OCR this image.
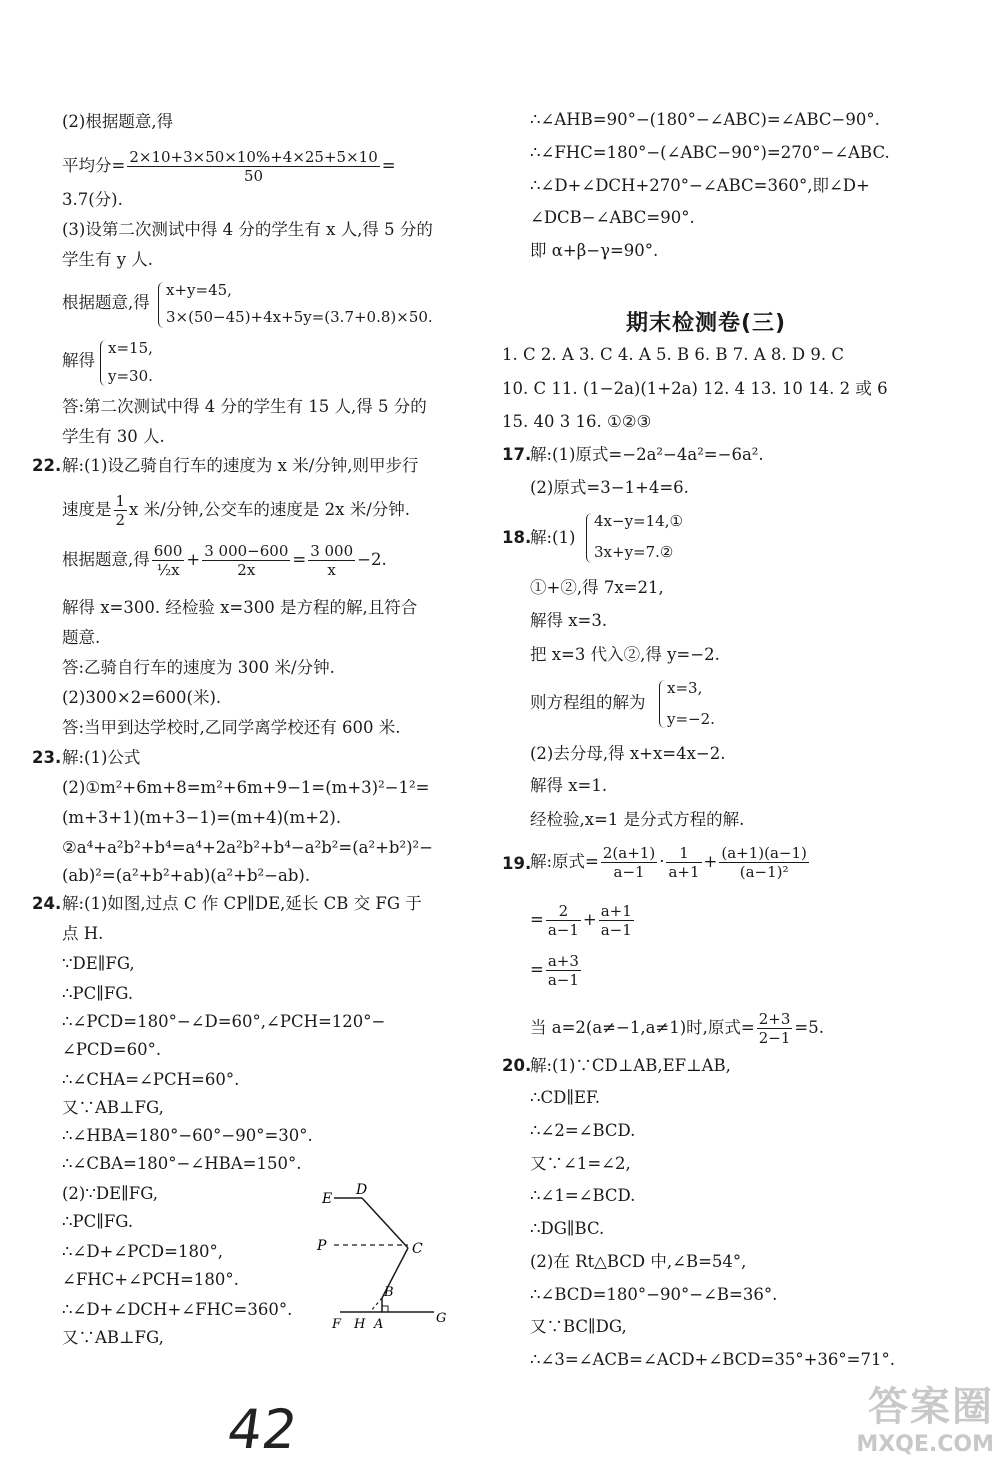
(2)根据题意,得
平均分= $\frac{2\times 10+3\times 50\times 10\%+4\times 25+5\times 10}{50}$ =
3.7(分).
(3)设第二次测试中得 4 分的学生有 x 人,得 5 分的
学生有 y 人.
根据题意,得
x+y=45,
3×(50−45)+4x+5y=(3.7+0.8)×50.
解得
x=15,
y=30.
答:第二次测试中得 4 分的学生有 15 人,得 5 分的
学生有 30 人.
22. 解:(1)设乙骑自行车的速度为 x 米/分钟,则甲步行
速度是 $\frac{1}{2}$ x 米/分钟,公交车的速度是 2x 米/分钟.
根据题意,得 $\frac{600}{\text{½x}} + \frac{3 000-600}{2x} = \frac{3 000}{x} -2$.
解得 x=300. 经检验 x=300 是方程的解,且符合
题意.
答:乙骑自行车的速度为 300 米/分钟.
(2)300×2=600(米).
答:当甲到达学校时,乙同学离学校还有 600 米.
23. 解:(1)公式
(2)①m²+6m+8=m²+6m+9−1=(m+3)²−1²=
(m+3+1)(m+3−1)=(m+4)(m+2).
②a⁴+a²b²+b⁴=a⁴+2a²b²+b⁴−a²b²=(a²+b²)²−
(ab)²=(a²+b²+ab)(a²+b²−ab).
24. 解:(1)如图,过点 C 作 CP∥DE,延长 CB 交 FG 于
点 H.
∵DE∥FG,
∴PC∥FG.
∴∠PCD=180°−∠D=60°,∠PCH=120°−
∠PCD=60°.
∴∠CHA=∠PCH=60°.
又∵AB⊥FG,
∴∠HBA=180°−60°−90°=30°.
∴∠CBA=180°−∠HBA=150°.
(2)∵DE∥FG,
∴PC∥FG.
∴∠D+∠PCD=180°,
∠FHC+∠PCH=180°.
∴∠D+∠DCH+∠FHC=360°.
又∵AB⊥FG,
E
D
P	C
B
F H A	G
∴∠AHB=90°−(180°−∠ABC)=∠ABC−90°.
∴∠FHC=180°−(∠ABC−90°)=270°−∠ABC.
∴∠D+∠DCH+270°−∠ABC=360°,即∠D+
∠DCB−∠ABC=90°.
即 α+β−γ=90°.
期末检测卷(三)
1. C 2. A 3. C 4. A 5. B 6. B 7. A 8. D 9. C
10. C 11. (1−2a)(1+2a) 12. 4 13. 10 14. 2 或 6
15. 40 3 16. ①②③
17.
解:(1)原式=−2a²−4a²=−6a².
(2)原式=3−1+4=6.
18.
解:(1)
4x−y=14,①
3x+y=7.②
①+②,得 7x=21,
解得 x=3.
把 x=3 代入②,得 y=−2.
则方程组的解为
x=3,
y=−2.
(2)去分母,得 x+x=4x−2.
解得 x=1.
经检验,x=1 是分式方程的解.
19.
解:原式= $\frac{2(a+1)}{a-1} \cdot \frac{1}{a+1} + \frac{(a+1)(a-1)}{\text{(a−1)²}}$
= $\frac{2}{a-1} + \frac{a+1}{a-1}$
= $\frac{a+3}{a-1}$
当 a=2(a≠−1,a≠1)时,原式= $\frac{2+3}{2-1} =5$.
20.
解:(1)∵CD⊥AB,EF⊥AB,
∴CD∥EF.
∴∠2=∠BCD.
又∵∠1=∠2,
∴∠1=∠BCD.
∴DG∥BC.
(2)在 Rt△BCD 中,∠B=54°,
∴∠BCD=180°−90°−∠B=36°.
又∵BC∥DG,
∴∠3=∠ACB=∠ACD+∠BCD=35°+36°=71°.
42	答案圈
MXQE.COM
